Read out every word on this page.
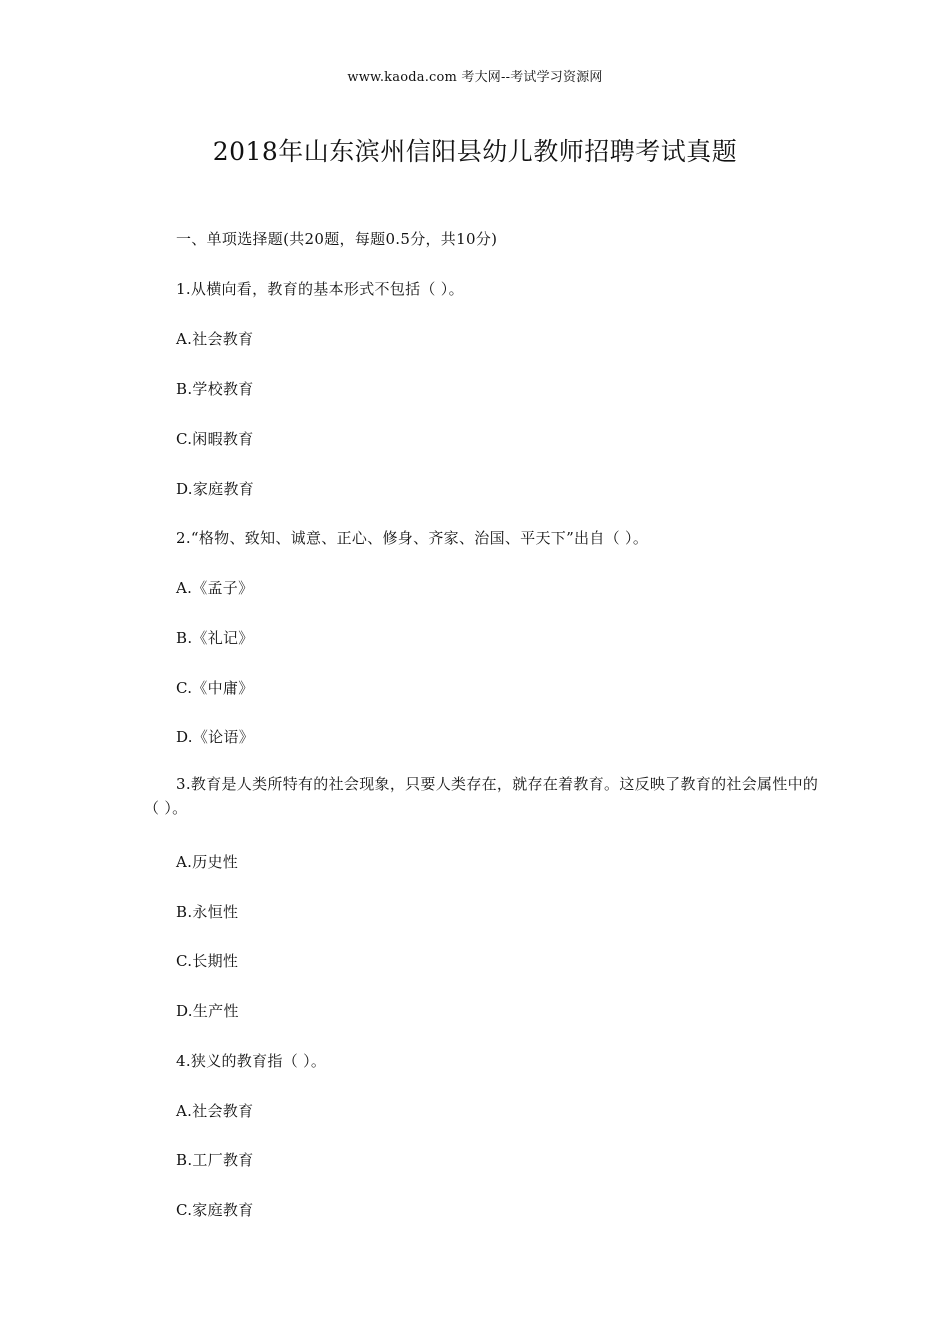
www.kaoda.com 考大网--考试学习资源网
2018年山东滨州信阳县幼儿教师招聘考试真题
一、单项选择题(共20题，每题0.5分，共10分)
1.从横向看，教育的基本形式不包括（ ）。
A.社会教育
B.学校教育
C.闲暇教育
D.家庭教育
2.“格物、致知、诚意、正心、修身、齐家、治国、平天下”出自（ ）。
A.《孟子》
B.《礼记》
C.《中庸》
D.《论语》
3.教育是人类所特有的社会现象，只要人类存在，就存在着教育。这反映了教育的社会属性中的（ ）。
A.历史性
B.永恒性
C.长期性
D.生产性
4.狭义的教育指（ ）。
A.社会教育
B.工厂教育
C.家庭教育
